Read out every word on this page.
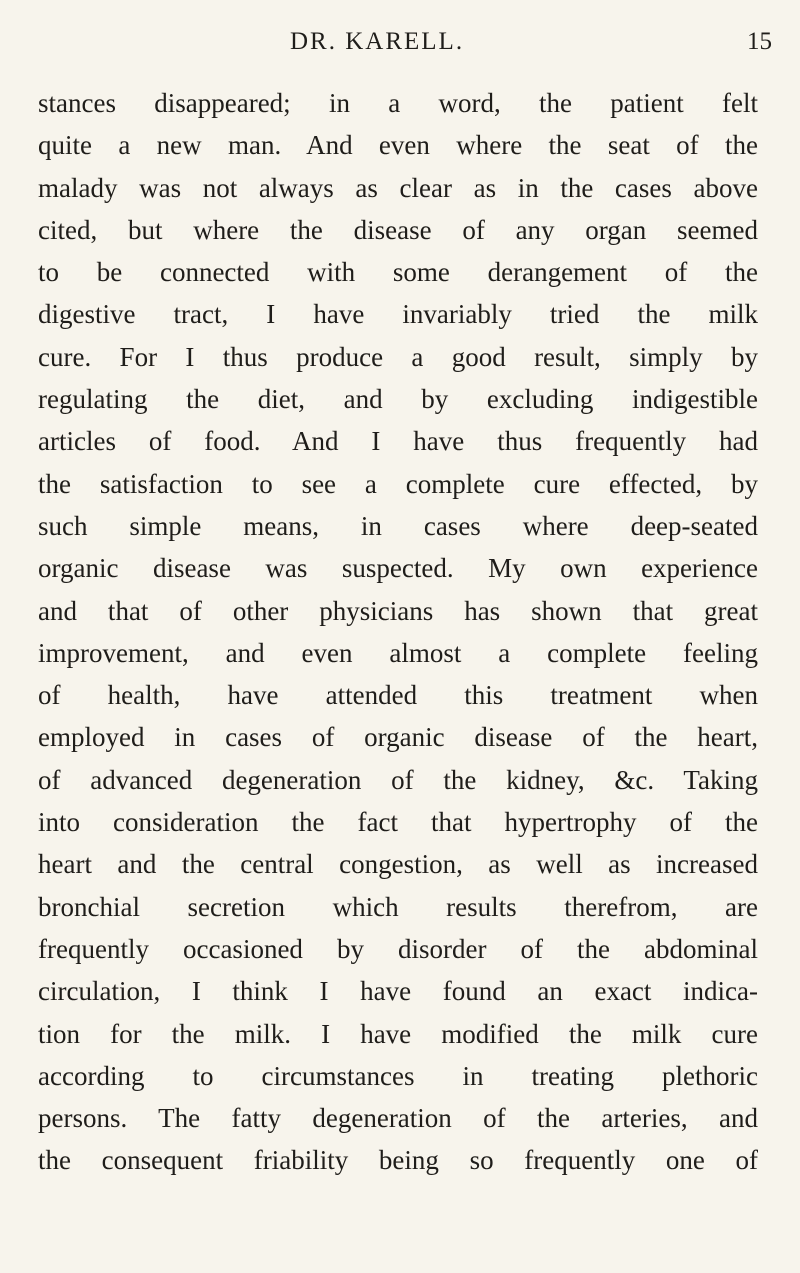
DR. KARELL.	15
stances disappeared; in a word, the patient felt
quite a new man. And even where the seat of the
malady was not always as clear as in the cases above
cited, but where the disease of any organ seemed
to be connected with some derangement of the
digestive tract, I have invariably tried the milk
cure. For I thus produce a good result, simply by
regulating the diet, and by excluding indigestible
articles of food. And I have thus frequently had
the satisfaction to see a complete cure effected, by
such simple means, in cases where deep-seated
organic disease was suspected. My own experience
and that of other physicians has shown that great
improvement, and even almost a complete feeling
of health, have attended this treatment when
employed in cases of organic disease of the heart,
of advanced degeneration of the kidney, &c. Taking
into consideration the fact that hypertrophy of the
heart and the central congestion, as well as increased
bronchial secretion which results therefrom, are
frequently occasioned by disorder of the abdominal
circulation, I think I have found an exact indica-
tion for the milk. I have modified the milk cure
according to circumstances in treating plethoric
persons. The fatty degeneration of the arteries, and
the consequent friability being so frequently one of
